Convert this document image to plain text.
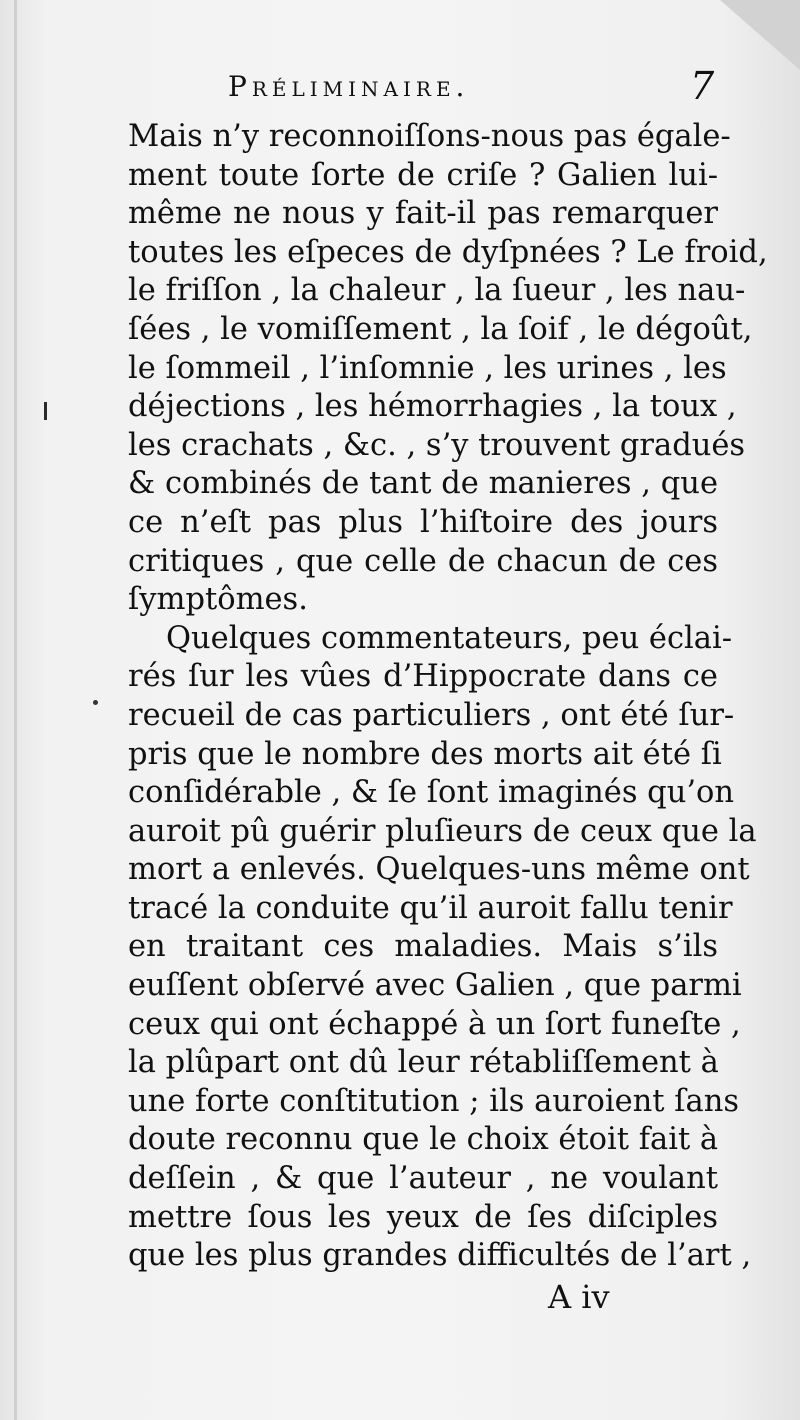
Préliminaire.	7
Mais n’y reconnoiſſons-nous pas égale-
ment toute ſorte de criſe ? Galien lui-
même ne nous y fait-il pas remarquer
toutes les eſpeces de dyſpnées ? Le froid,
le friſſon , la chaleur , la ſueur , les nau-
ſées , le vomiſſement , la ſoif , le dégoût,
le ſommeil , l’inſomnie , les urines , les
déjections , les hémorrhagies , la toux ,
les crachats , &c. , s’y trouvent gradués
& combinés de tant de manieres , que
ce n’eſt pas plus l’hiſtoire des jours
critiques , que celle de chacun de ces
ſymptômes.
Quelques commentateurs, peu éclai-
rés ſur les vûes d’Hippocrate dans ce
recueil de cas particuliers , ont été ſur-
pris que le nombre des morts ait été ſi
conſidérable , & ſe ſont imaginés qu’on
auroit pû guérir pluſieurs de ceux que la
mort a enlevés. Quelques-uns même ont
tracé la conduite qu’il auroit fallu tenir
en traitant ces maladies. Mais s’ils
euſſent obſervé avec Galien , que parmi
ceux qui ont échappé à un ſort funeſte ,
la plûpart ont dû leur rétabliſſement à
une forte conſtitution ; ils auroient ſans
doute reconnu que le choix étoit fait à
deſſein , & que l’auteur , ne voulant
mettre ſous les yeux de ſes diſciples
que les plus grandes difficultés de l’art ,
A iv
